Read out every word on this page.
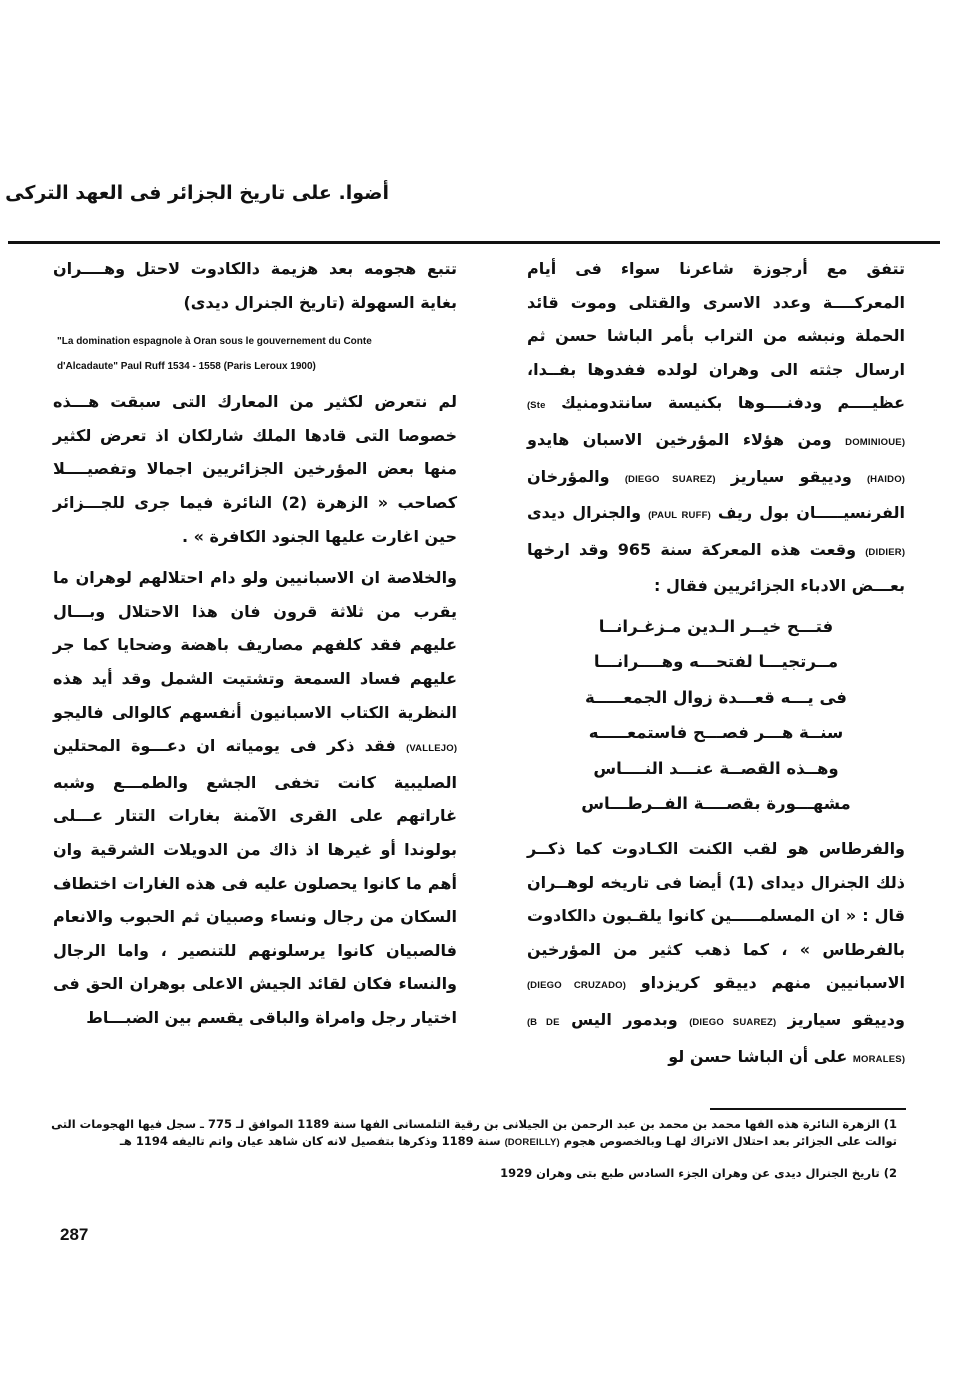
أضوا. على تاريخ الجزائر فى العهد التركى

تتفق مع أرجوزة شاعرنا سواء فى أيام المعركــــة وعدد الاسرى والقتلى وموت قائد الحملة ونبشه من التراب بأمر الباشا حسن ثم ارسال جثته الى وهران لولده ففدوها بفــدا، عظيــــم ودفنــــوها بكنيسة سانتدومنيك (Ste DOMINIOUE) ومن هؤلاء المؤرخين الاسبان هايدو (HAIDO) ودييقو سياريز (DIEGO SUAREZ) والمؤرخان الفرنسيـــــان بول ريف (PAUL RUFF) والجنرال ديدى (DIDIER) وقعت هذه المعركة سنة 965 وقد ارخها بعـــض الادباء الجزائريين فقال :

فتـــح خيــر الـدين مـزغـرانــا
مــرتجيـــا لفتحـــه وهــــرانـــا
فى يـــه قعـــدة زوال الجمعـــــة
سنــة هـــر فصـــح فاستمعـــــه
وهــذه القصــة عنـــد النــــاس
مشهـــورة بقصــــة الفــرطـــاس

والفرطاس هو لقب الكنت الكـادوت كما ذكــر ذلك الجنرال ديداى (1) أيضا فى تاريخه لوهــران قال : « ان المسلمـــــين كانوا يلقـبون دالكادوت بالفرطاس » ، كما ذهب كثير من المؤرخين الاسبانيين منهم دييقو كريزداو (DIEGO CRUZADO) ودييقو سياريز (DIEGO SUAREZ) وبدمور اليس (B DE MORALES) على أن الباشا حسن لو

تتبع هجومه بعد هزيمة دالكادوت لاحتل وهــــران بغاية السهولة (تاريخ الجنرال ديدى)

"La domination espagnole à Oran sous le gouvernement du Conte
d'Alcadaute" Paul Ruff 1534 - 1558 (Paris Leroux 1900)

لم نتعرض لكثير من المعارك التى سبقت هـــذه خصوصا التى قادها الملك شارلكان اذ تعرض لكثير منها بعض المؤرخين الجزائريين اجمالا وتفصيــــلا كصاحب « الزهرة (2) النائرة فيما جرى للجـــزائر حين اغارت عليها الجنود الكافرة » .

والخلاصة ان الاسبانيين ولو دام احتلالهم لوهران ما يقرب من ثلاثة قرون فان هذا الاحتلال وبـــال عليهم فقد كلفهم مصاريف باهضة وضحايا كما جر عليهم فساد السمعة وتشتيت الشمل وقد أيد هذه النظرية الكتاب الاسبانيون أنفسهم كالوالى فاليجو (VALLEJO) فقد ذكر فى يومياته ان دعـــوة المحتلين الصليبية كانت تخفى الجشع والطمـــع وشبه غاراتهم على القرى الآمنة بغارات التتار عـــلى بولوندا أو غيرها اذ ذاك من الدويلات الشرقية وان أهم ما كانوا يحصلون عليه فى هذه الغارات اختطاف السكان من رجال ونساء وصبيان ثم الحبوب والانعام فالصبيان كانوا يرسلونهم للتنصير ، واما الرجال والنساء فكان لقائد الجيش الاعلى بوهران الحق فى اختيار رجل وامراة والباقى يقسم بين الضبـــاط

1) الزهرة النائرة هذه الفها محمد بن محمد بن عبد الرحمن بن الجيلانى بن رقية التلمسانى الفها سنة 1189 الموافق لـ 775 ـ سجل فيها الهجومات التى توالت على الجزائر بعد احتلال الاتراك لهـا وبالخصوص هجوم (DOREILLY) سنة 1189 وذكرها بتفصيل لانه كان شاهد عيان واتم تاليفه 1194 هـ

2) تاريخ الجنرال ديدى عن وهران الجزء السادس طبع بتى وهران 1929

287
